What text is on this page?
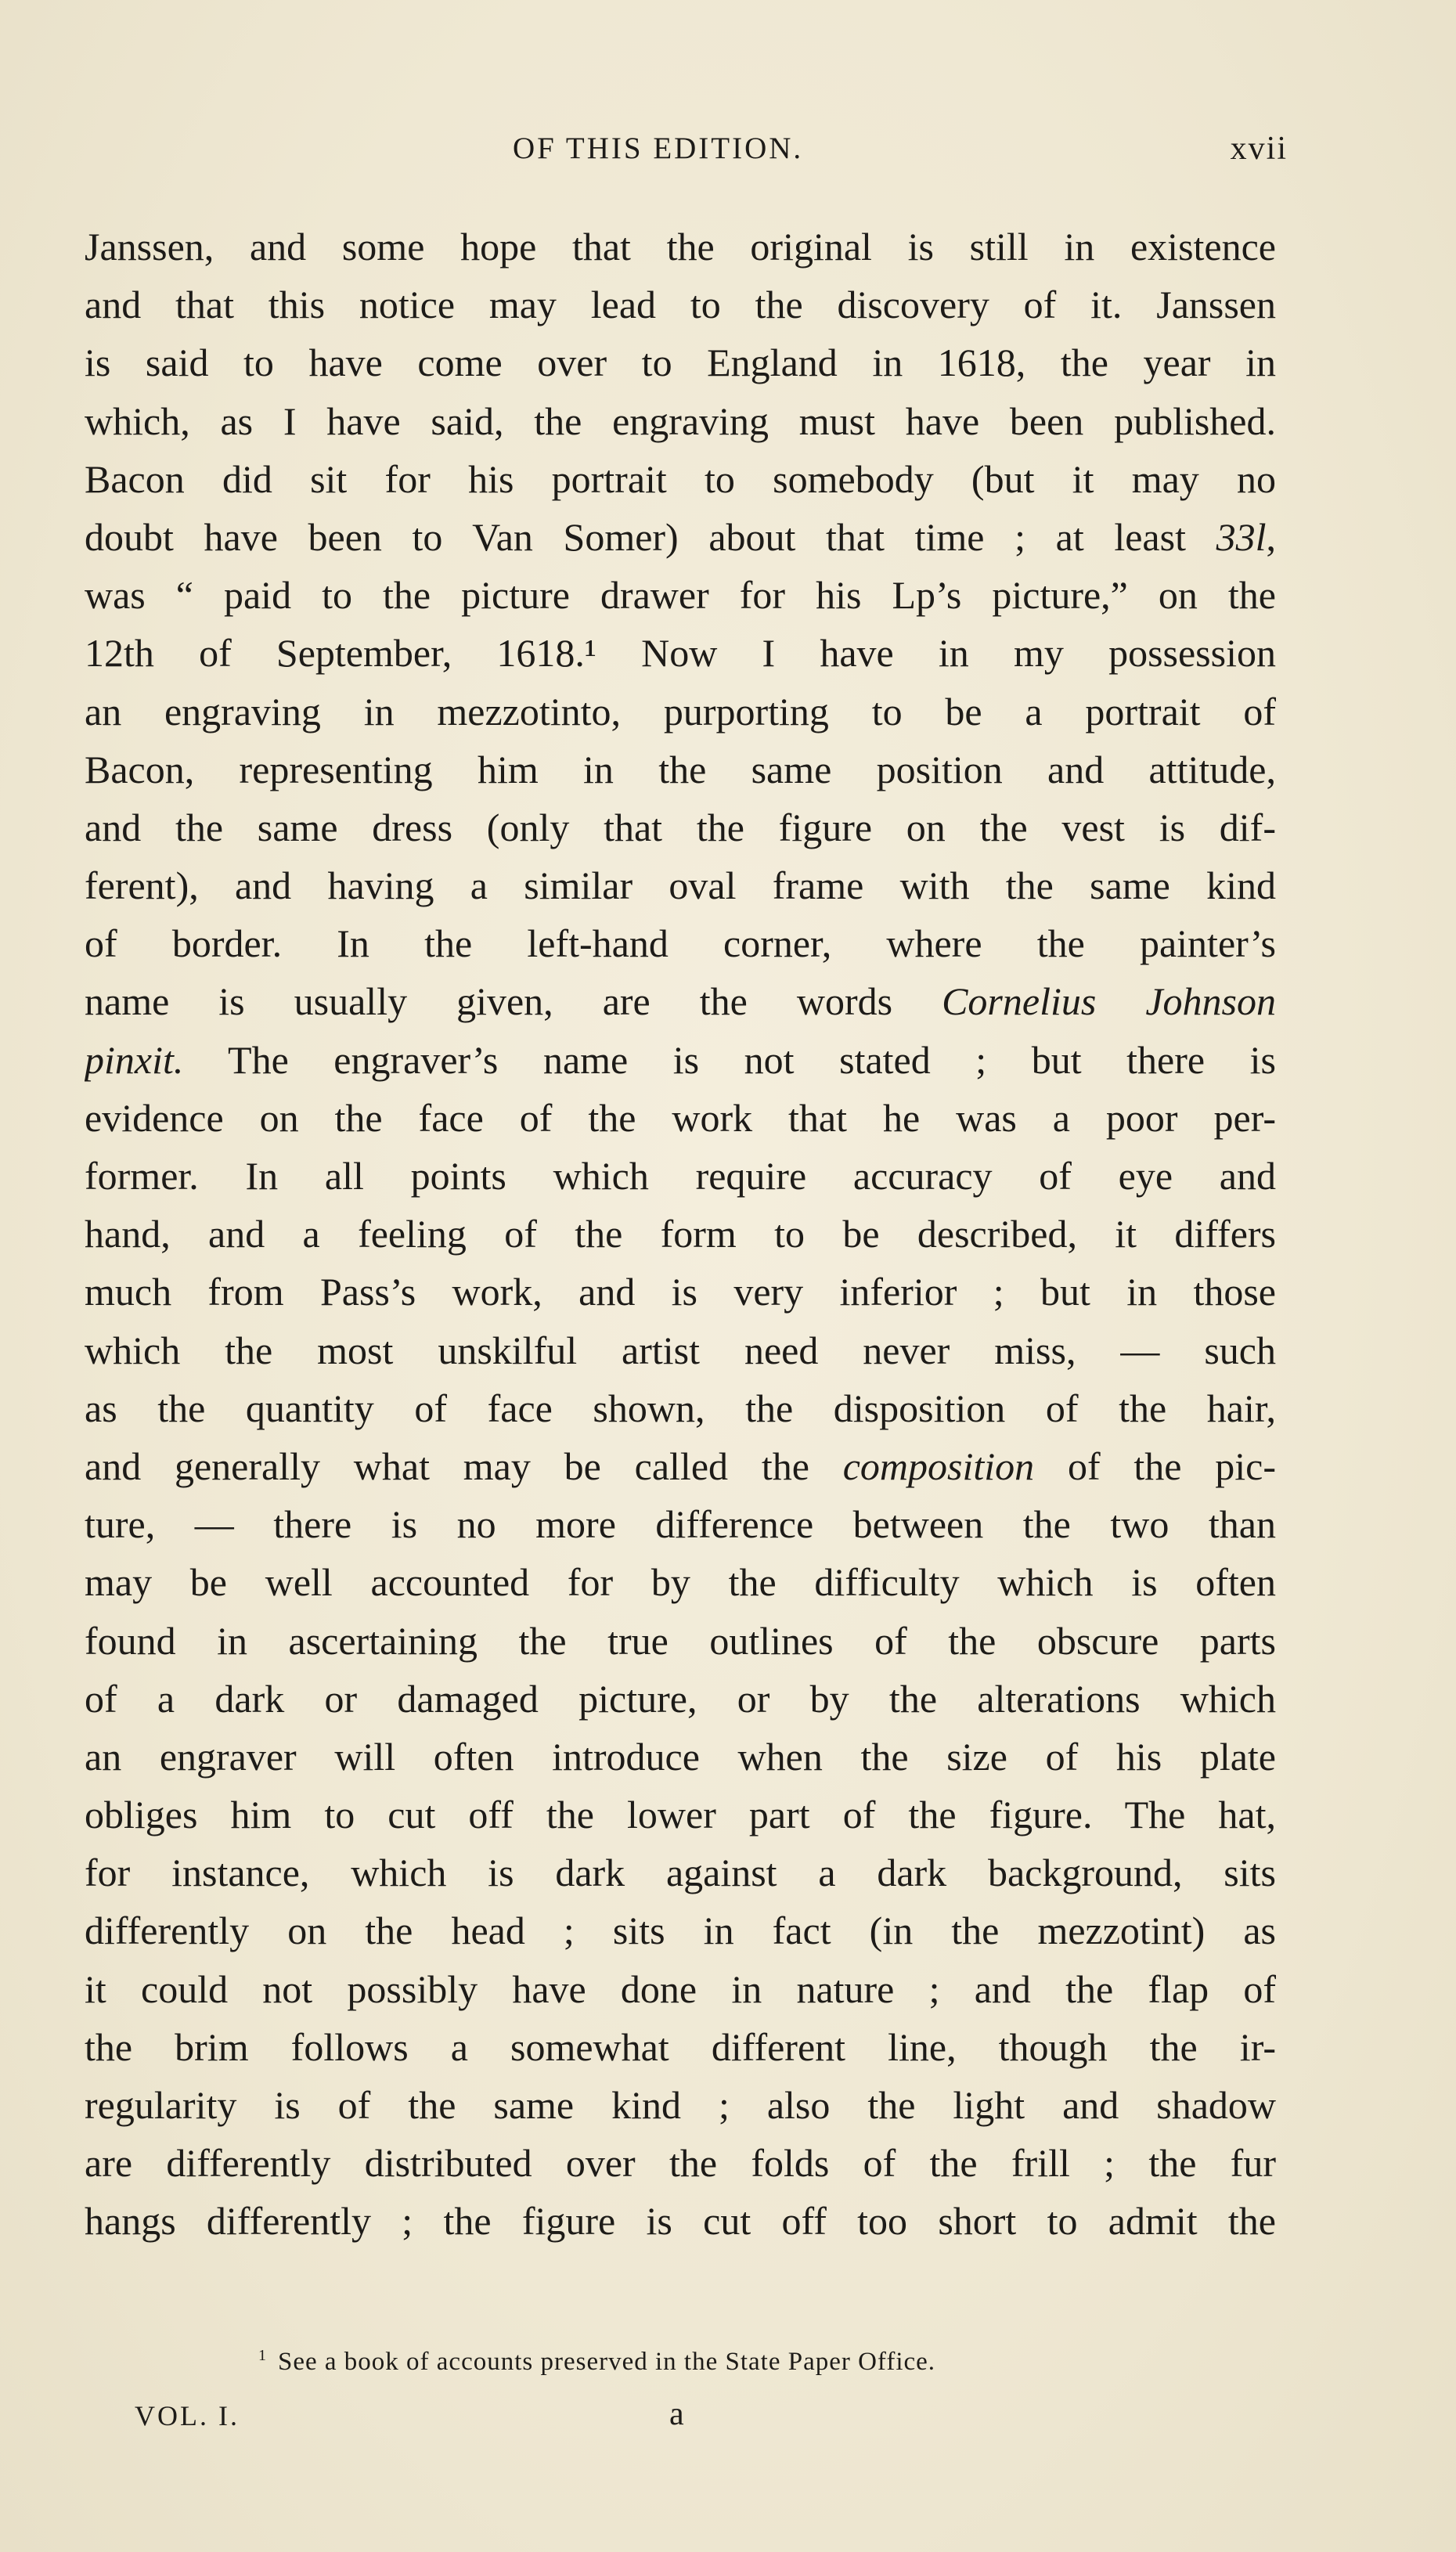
OF THIS EDITION.	xvii
Janssen, and some hope that the original is still in existence
and that this notice may lead to the discovery of it. Janssen
is said to have come over to England in 1618, the year in
which, as I have said, the engraving must have been published.
Bacon did sit for his portrait to somebody (but it may no
doubt have been to Van Somer) about that time ; at least 33l,
was “ paid to the picture drawer for his Lp’s picture,” on the
12th of September, 1618.¹ Now I have in my possession
an engraving in mezzotinto, purporting to be a portrait of
Bacon, representing him in the same position and attitude,
and the same dress (only that the figure on the vest is dif-
ferent), and having a similar oval frame with the same kind
of border. In the left-hand corner, where the painter’s
name is usually given, are the words Cornelius Johnson
pinxit. The engraver’s name is not stated ; but there is
evidence on the face of the work that he was a poor per-
former. In all points which require accuracy of eye and
hand, and a feeling of the form to be described, it differs
much from Pass’s work, and is very inferior ; but in those
which the most unskilful artist need never miss, — such
as the quantity of face shown, the disposition of the hair,
and generally what may be called the composition of the pic-
ture, — there is no more difference between the two than
may be well accounted for by the difficulty which is often
found in ascertaining the true outlines of the obscure parts
of a dark or damaged picture, or by the alterations which
an engraver will often introduce when the size of his plate
obliges him to cut off the lower part of the figure. The hat,
for instance, which is dark against a dark background, sits
differently on the head ; sits in fact (in the mezzotint) as
it could not possibly have done in nature ; and the flap of
the brim follows a somewhat different line, though the ir-
regularity is of the same kind ; also the light and shadow
are differently distributed over the folds of the frill ; the fur
hangs differently ; the figure is cut off too short to admit the
$^1$ See a book of accounts preserved in the State Paper Office.
VOL. I.	a
